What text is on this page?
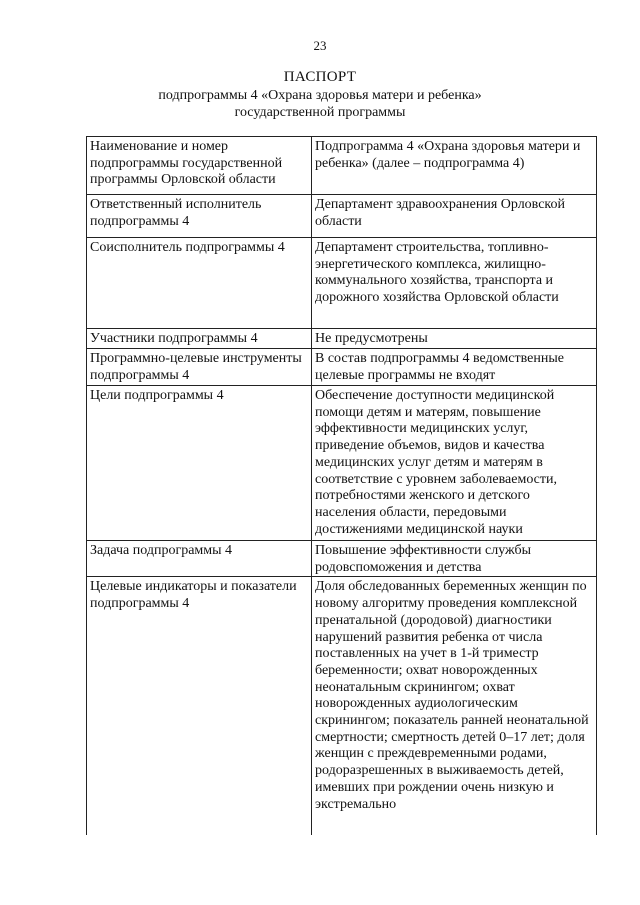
23
ПАСПОРТ
подпрограммы 4 «Охрана здоровья матери и ребенка»
государственной программы
Наименование и номер подпрограммы государственной программы Орловской области	Подпрограмма 4 «Охрана здоровья матери и ребенка» (далее – подпрограмма 4)
Ответственный исполнитель подпрограммы 4	Департамент здравоохранения Орловской области
Соисполнитель подпрограммы 4	Департамент строительства, топливно-энергетического комплекса, жилищно-коммунального хозяйства, транспорта и дорожного хозяйства Орловской области
Участники подпрограммы 4	Не предусмотрены
Программно-целевые инструменты подпрограммы 4	В состав подпрограммы 4 ведомственные целевые программы не входят
Цели подпрограммы 4	Обеспечение доступности медицинской помощи детям и матерям, повышение эффективности медицинских услуг, приведение объемов, видов и качества медицинских услуг детям и матерям в соответствие с уровнем заболеваемости, потребностями женского и детского населения области, передовыми достижениями медицинской науки
Задача подпрограммы 4	Повышение эффективности службы родовспоможения и детства
Целевые индикаторы и показатели подпрограммы 4	Доля обследованных беременных женщин по новому алгоритму проведения комплексной пренатальной (дородовой) диагностики нарушений развития ребенка от числа поставленных на учет в 1-й триместр беременности; охват новорожденных неонатальным скринингом; охват новорожденных аудиологическим скринингом; показатель ранней неонатальной смертности; смертность детей 0–17 лет; доля женщин с преждевременными родами, родоразрешенных в выживаемость детей, имевших при рождении очень низкую и экстремально
